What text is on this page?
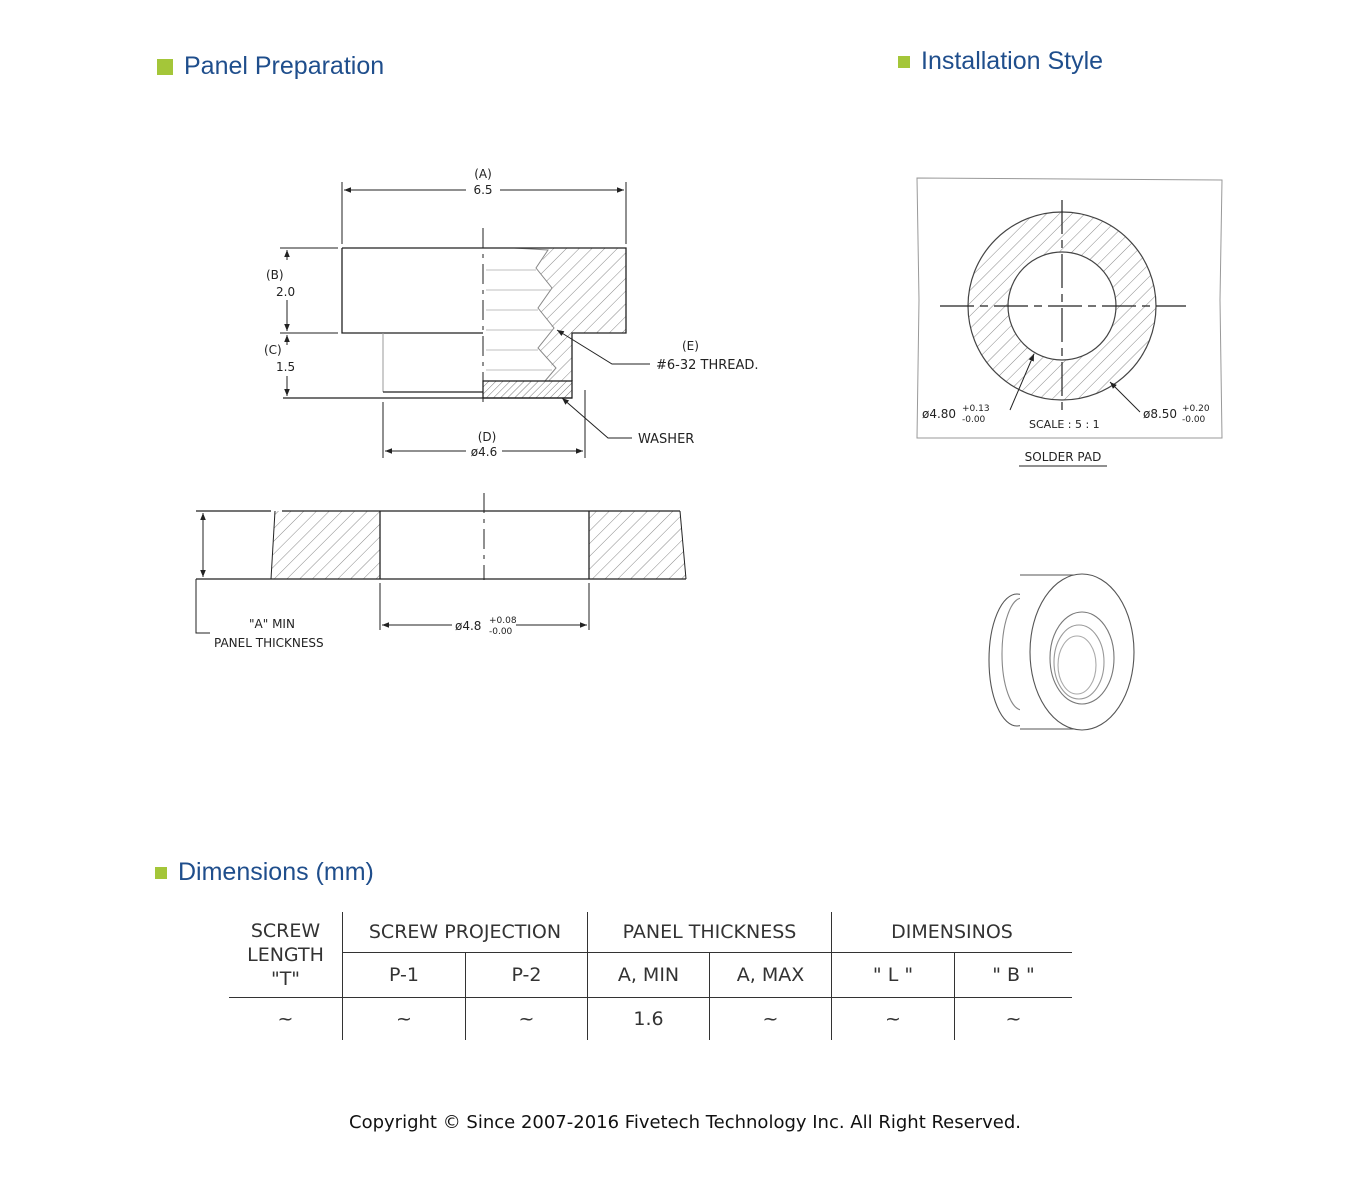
Panel Preparation	Installation Style
Dimensions (mm)
(A)
6.5
(B)
2.0
(C)
1.5
(D)
ø4.6
(E)
#6-32 THREAD.
WASHER
ø4.8 +0.08
-0.00
"A" MIN
PANEL THICKNESS
ø4.80 +0.13
-0.00	ø8.50 +0.20
-0.00
SCALE : 5 : 1
SOLDER PAD
SCREW
LENGTH
"T"	SCREW PROJECTION		PANEL THICKNESS		DIMENSINOS	
	P-1	P-2	A, MIN	A, MAX	" L "	" B "
~	~	~	1.6	~	~	~
Copyright © Since 2007-2016 Fivetech Technology Inc. All Right Reserved.
